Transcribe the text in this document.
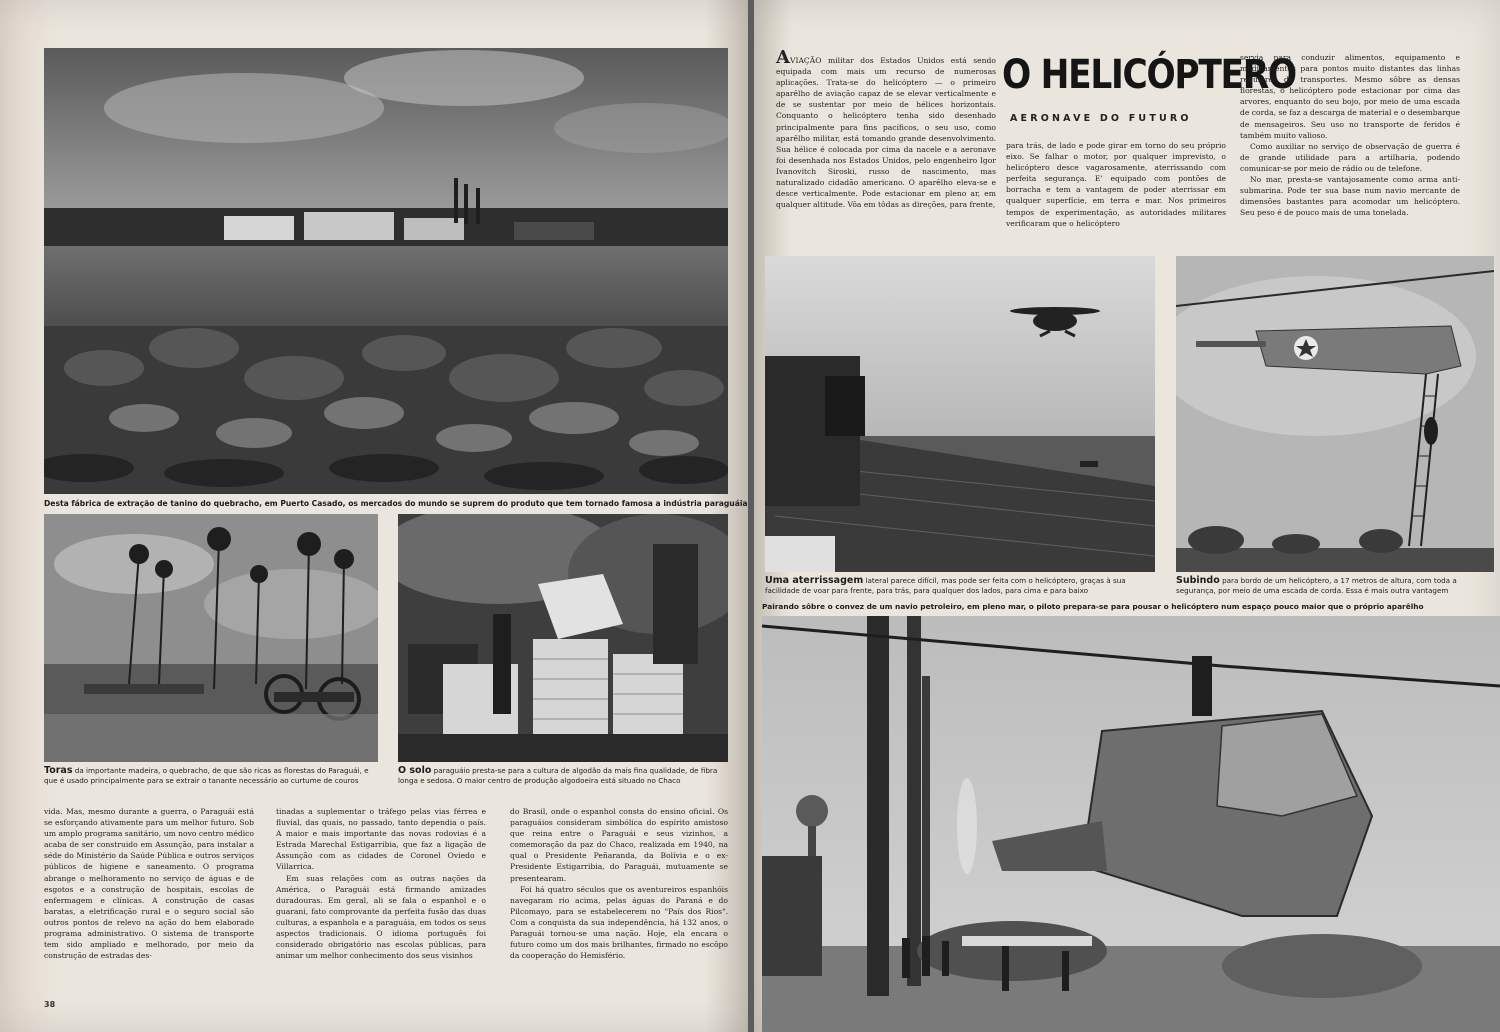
Desta fábrica de extração de tanino do quebracho, em Puerto Casado, os mercados do mundo se suprem do produto que tem tornado famosa a indústria paraguáia
Toras da importante madeira, o quebracho, de que são ricas as florestas do Paraguái, e que é usado principalmente para se extrair o tanante necessário ao curtume de couros
O solo paraguáio presta-se para a cultura de algodão da mais fina qualidade, de fibra longa e sedosa. O maior centro de produção algodoeira está situado no Chaco

vida. Mas, mesmo durante a guerra, o Paraguái está se esforçando ativamente para um melhor futuro. Sob um amplo programa sanitário, um novo centro médico acaba de ser construido em Assunção, para instalar a séde do Ministério da Saúde Pública e outros serviços públicos de higiene e saneamento. O programa abrange o melhoramento no serviço de águas e de esgotos e a construção de hospitais, escolas de enfermagem e clínicas. A construção de casas baratas, a eletrificação rural e o seguro social são outros pontos de relevo na ação do bem elaborado programa administrativo. O sistema de transporte tem sido ampliado e melhorado, por meio da construção de estradas des-

tinadas a suplementar o tráfego pelas vias férrea e fluvial, das quais, no passado, tanto dependia o país. A maior e mais importante das novas rodovias é a Estrada Marechal Estigarribia, que faz a ligação de Assunção com as cidades de Coronel Oviedo e Villarrica.

Em suas relações com as outras nações da América, o Paraguái está firmando amizades duradouras. Em geral, ali se fala o espanhol e o guarani, fato comprovante da perfeita fusão das duas culturas, a espanhola e a paraguáia, em todos os seus aspectos tradicionais. O idioma português foi considerado obrigatório nas escolas públicas, para animar um melhor conhecimento dos seus visinhos

do Brasil, onde o espanhol consta do ensino oficial. Os paraguáios consideram simbólica do espírito amistoso que reina entre o Paraguái e seus vizinhos, a comemoração da paz do Chaco, realizada em 1940, na qual o Presidente Peñaranda, da Bolívia e o ex-Presidente Estigarribia, do Paraguái, mutuamente se presentearam.

Foi há quatro séculos que os aventureiros espanhóis navegaram rio acima, pelas águas do Paraná e do Pilcomayo, para se estabelecerem no "País dos Rios". Com a conquista da sua independência, há 132 anos, o Paraguái tornou-se uma nação. Hoje, ela encara o futuro como um dos mais brilhantes, firmado no escôpo da cooperação do Hemisfério.

38

AVIAÇÃO militar dos Estados Unidos está sendo equipada com mais um recurso de numerosas aplicações. Trata-se do helicóptero — o primeiro aparêlho de aviação capaz de se elevar verticalmente e de se sustentar por meio de hélices horizontais. Conquanto o helicóptero tenha sido desenhado principalmente para fins pacíficos, o seu uso, como aparêlho militar, está tomando grande desenvolvimento. Sua hélice é colocada por cima da nacele e a aeronave foi desenhada nos Estados Unidos, pelo engenheiro Igor Ivanovitch Siroski, russo de nascimento, mas naturalizado cidadão americano. O aparêlho eleva-se e desce verticalmente. Pode estacionar em pleno ar, em qualquer altitude. Vôa em tôdas as direções, para frente,

O HELICÓPTERO
AERONAVE DO FUTURO

para trás, de lado e pode girar em torno do seu próprio eixo. Se falhar o motor, por qualquer imprevisto, o helicóptero desce vagarosamente, aterrissando com perfeita segurança. E' equipado com pontões de borracha e tem a vantagem de poder aterrissar em qualquer superfície, em terra e mar. Nos primeiros tempos de experimentação, as autoridades militares verificaram que o helicóptero

servia para conduzir alimentos, equipamento e medicamentos para pontos muito distantes das linhas regulares de transportes. Mesmo sôbre as densas florestas, o helicóptero pode estacionar por cima das arvores, enquanto do seu bojo, por meio de uma escada de corda, se faz a descarga de material e o desembarque de mensageiros. Seu uso no transporte de feridos é também muito valioso.

Como auxiliar no serviço de observação de guerra é de grande utilidade para a artilharia, podendo comunicar-se por meio de rádio ou de telefone.

No mar, presta-se vantajosamente como arma anti-submarina. Pode ter sua base num navio mercante de dimensões bastantes para acomodar um helicóptero. Seu peso é de pouco mais de uma tonelada.

Uma aterrissagem lateral parece difícil, mas pode ser feita com o helicóptero, graças à sua facilidade de voar para frente, para trás, para qualquer dos lados, para cima e para baixo
Subindo para bordo de um helicóptero, a 17 metros de altura, com toda a segurança, por meio de uma escada de corda. Essa é mais outra vantagem
Pairando sôbre o convez de um navio petroleiro, em pleno mar, o piloto prepara-se para pousar o helicóptero num espaço pouco maior que o próprio aparêlho
